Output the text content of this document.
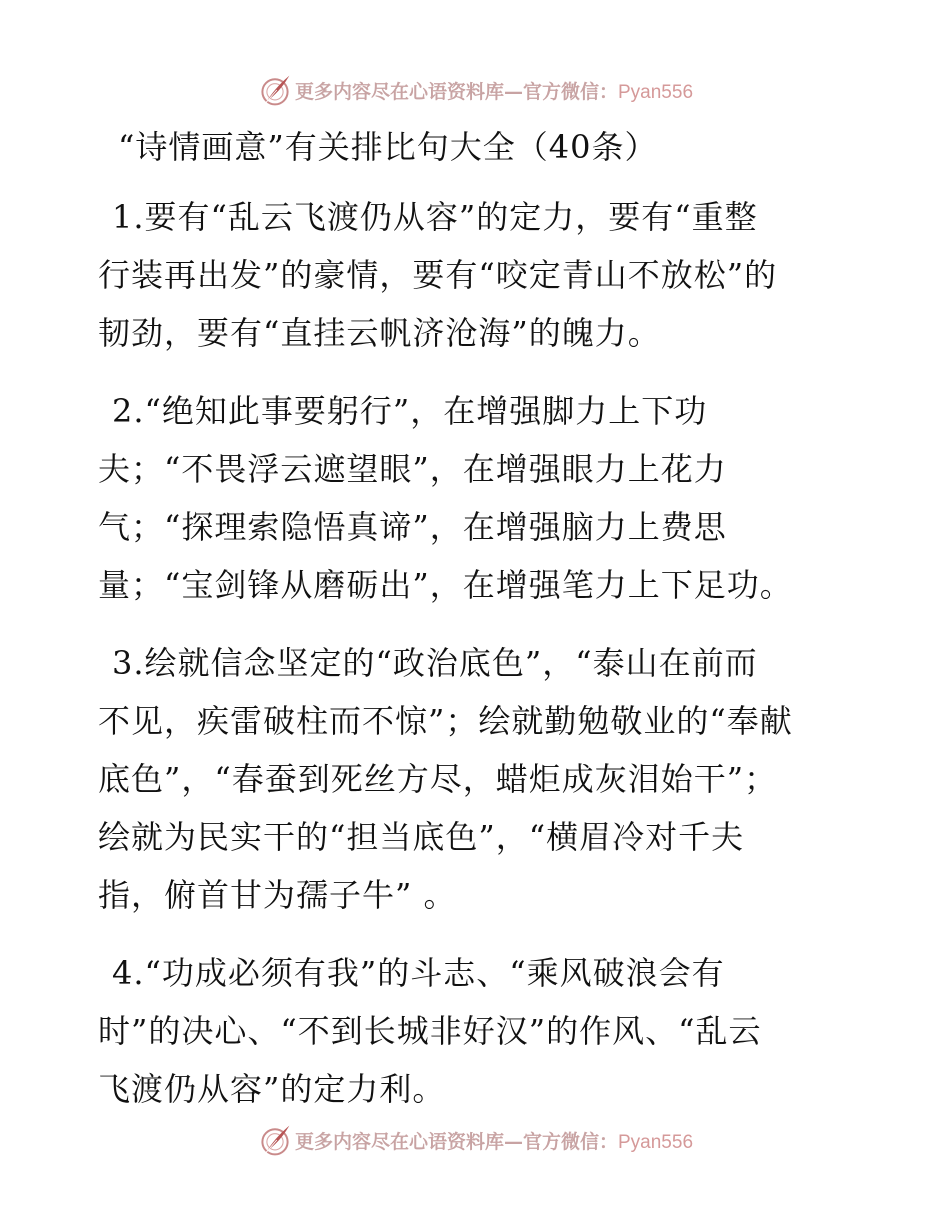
更多内容尽在心语资料库—官方微信：Pyan556
“诗情画意”有关排比句大全（40条）
1.要有“乱云飞渡仍从容”的定力，要有“重整
行装再出发”的豪情，要有“咬定青山不放松”的
韧劲，要有“直挂云帆济沧海”的魄力。
2.“绝知此事要躬行”，在增强脚力上下功
夫；“不畏浮云遮望眼”，在增强眼力上花力
气；“探理索隐悟真谛”，在增强脑力上费思
量；“宝剑锋从磨砺出”，在增强笔力上下足功。
3.绘就信念坚定的“政治底色”，“泰山在前而
不见，疾雷破柱而不惊”；绘就勤勉敬业的“奉献
底色”，“春蚕到死丝方尽，蜡炬成灰泪始干”；
绘就为民实干的“担当底色”，“横眉冷对千夫
指，俯首甘为孺子牛” 。
4.“功成必须有我”的斗志、“乘风破浪会有
时”的决心、“不到长城非好汉”的作风、“乱云
飞渡仍从容”的定力利。
更多内容尽在心语资料库—官方微信：Pyan556
